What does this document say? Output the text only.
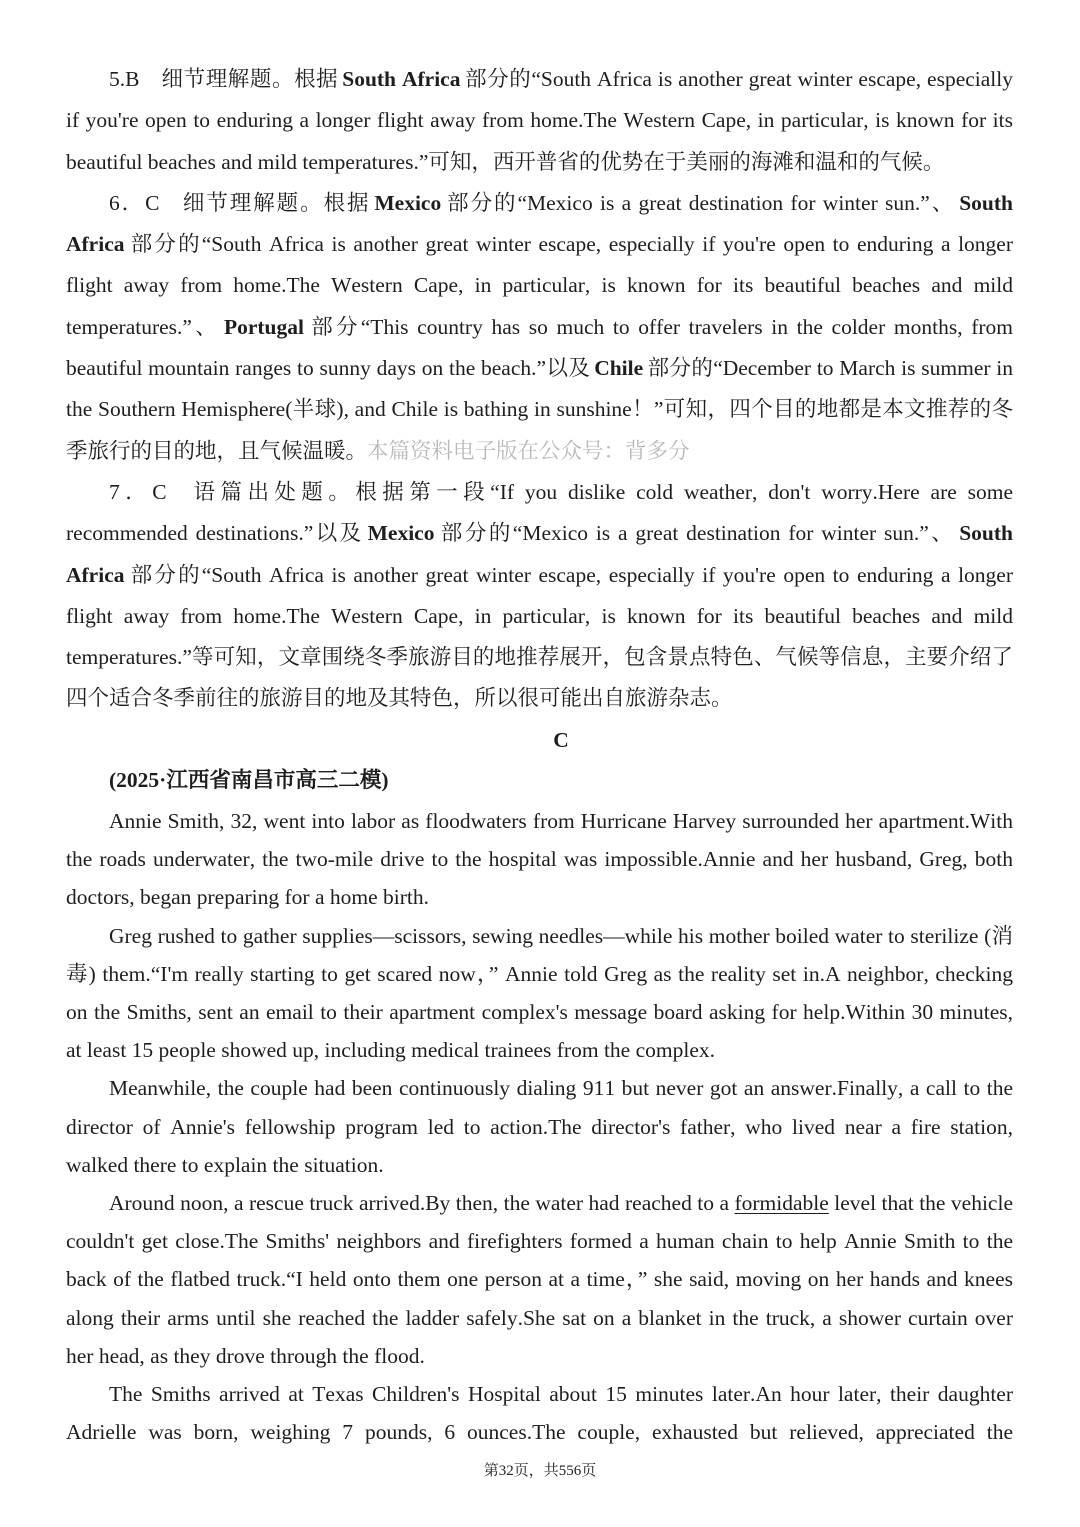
5.B 细节理解题。根据 South Africa 部分的“South Africa is another great winter escape, especially if you're open to enduring a longer flight away from home.The Western Cape, in particular, is known for its beautiful beaches and mild temperatures.”可知，西开普省的优势在于美丽的海滩和温和的气候。

6．C 细节理解题。根据 Mexico 部分的“Mexico is a great destination for winter sun.”、 South Africa 部分的“South Africa is another great winter escape, especially if you're open to enduring a longer flight away from home.The Western Cape, in particular, is known for its beautiful beaches and mild temperatures.”、 Portugal 部分“This country has so much to offer travelers in the colder months, from beautiful mountain ranges to sunny days on the beach.”以及 Chile 部分的“December to March is summer in the Southern Hemisphere(半球), and Chile is bathing in sunshine！”可知，四个目的地都是本文推荐的冬季旅行的目的地，且气候温暖。本篇资料电子版在公众号：背多分

7．C 语篇出处题。根据第一段“If you dislike cold weather, don't worry.Here are some recommended destinations.”以及 Mexico 部分的“Mexico is a great destination for winter sun.”、 South Africa 部分的“South Africa is another great winter escape, especially if you're open to enduring a longer flight away from home.The Western Cape, in particular, is known for its beautiful beaches and mild temperatures.”等可知，文章围绕冬季旅游目的地推荐展开，包含景点特色、气候等信息，主要介绍了四个适合冬季前往的旅游目的地及其特色，所以很可能出自旅游杂志。

C

(2025·江西省南昌市高三二模)

Annie Smith, 32, went into labor as floodwaters from Hurricane Harvey surrounded her apartment.With the roads underwater, the two-mile drive to the hospital was impossible.Annie and her husband, Greg, both doctors, began preparing for a home birth.

Greg rushed to gather supplies—scissors, sewing needles—while his mother boiled water to sterilize (消毒) them.“I'm really starting to get scared now，” Annie told Greg as the reality set in.A neighbor, checking on the Smiths, sent an email to their apartment complex's message board asking for help.Within 30 minutes, at least 15 people showed up, including medical trainees from the complex.

Meanwhile, the couple had been continuously dialing 911 but never got an answer.Finally, a call to the director of Annie's fellowship program led to action.The director's father, who lived near a fire station, walked there to explain the situation.

Around noon, a rescue truck arrived.By then, the water had reached to a formidable level that the vehicle couldn't get close.The Smiths' neighbors and firefighters formed a human chain to help Annie Smith to the back of the flatbed truck.“I held onto them one person at a time，” she said, moving on her hands and knees along their arms until she reached the ladder safely.She sat on a blanket in the truck, a shower curtain over her head, as they drove through the flood.

The Smiths arrived at Texas Children's Hospital about 15 minutes later.An hour later, their daughter Adrielle was born, weighing 7 pounds, 6 ounces.The couple, exhausted but relieved, appreciated the

第32页，共556页
